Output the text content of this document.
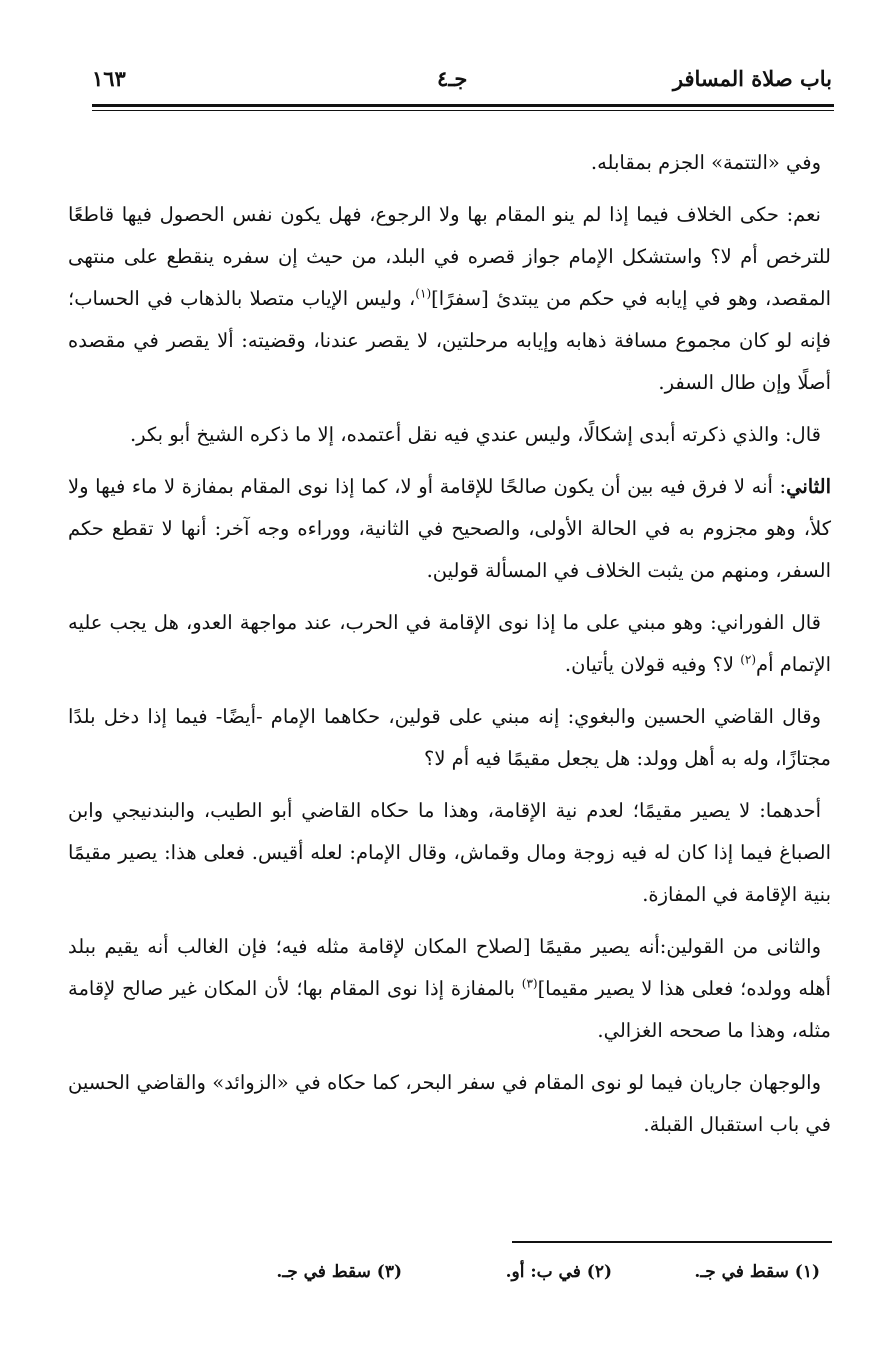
باب صلاة المسافر
جـ٤
١٦٣

وفي «التتمة» الجزم بمقابله.

نعم: حكى الخلاف فيما إذا لم ينو المقام بها ولا الرجوع، فهل يكون نفس الحصول فيها قاطعًا للترخص أم لا؟ واستشكل الإمام جواز قصره في البلد، من حيث إن سفره ينقطع على منتهى المقصد، وهو في إيابه في حكم من يبتدئ [سفرًا]$^{(١)}$، وليس الإياب متصلا بالذهاب في الحساب؛ فإنه لو كان مجموع مسافة ذهابه وإيابه مرحلتين، لا يقصر عندنا، وقضيته: ألا يقصر في مقصده أصلًا وإن طال السفر.

قال: والذي ذكرته أبدى إشكالًا، وليس عندي فيه نقل أعتمده، إلا ما ذكره الشيخ أبو بكر.

الثاني: أنه لا فرق فيه بين أن يكون صالحًا للإقامة أو لا، كما إذا نوى المقام بمفازة لا ماء فيها ولا كلأ، وهو مجزوم به في الحالة الأولى، والصحيح في الثانية، ووراءه وجه آخر: أنها لا تقطع حكم السفر، ومنهم من يثبت الخلاف في المسألة قولين.

قال الفوراني: وهو مبني على ما إذا نوى الإقامة في الحرب، عند مواجهة العدو، هل يجب عليه الإتمام أم$^{(٢)}$ لا؟ وفيه قولان يأتيان.

وقال القاضي الحسين والبغوي: إنه مبني على قولين، حكاهما الإمام -أيضًا- فيما إذا دخل بلدًا مجتازًا، وله به أهل وولد: هل يجعل مقيمًا فيه أم لا؟

أحدهما: لا يصير مقيمًا؛ لعدم نية الإقامة، وهذا ما حكاه القاضي أبو الطيب، والبندنيجي وابن الصباغ فيما إذا كان له فيه زوجة ومال وقماش، وقال الإمام: لعله أقيس. فعلى هذا: يصير مقيمًا بنية الإقامة في المفازة.

والثانى من القولين:أنه يصير مقيمًا [لصلاح المكان لإقامة مثله فيه؛ فإن الغالب أنه يقيم ببلد أهله وولده؛ فعلى هذا لا يصير مقيما]$^{(٣)}$ بالمفازة إذا نوى المقام بها؛ لأن المكان غير صالح لإقامة مثله، وهذا ما صححه الغزالي.

والوجهان جاريان فيما لو نوى المقام في سفر البحر، كما حكاه في «الزوائد» والقاضي الحسين في باب استقبال القبلة.

(١) سقط في جـ.
(٢) في ب: أو.
(٣) سقط في جـ.
